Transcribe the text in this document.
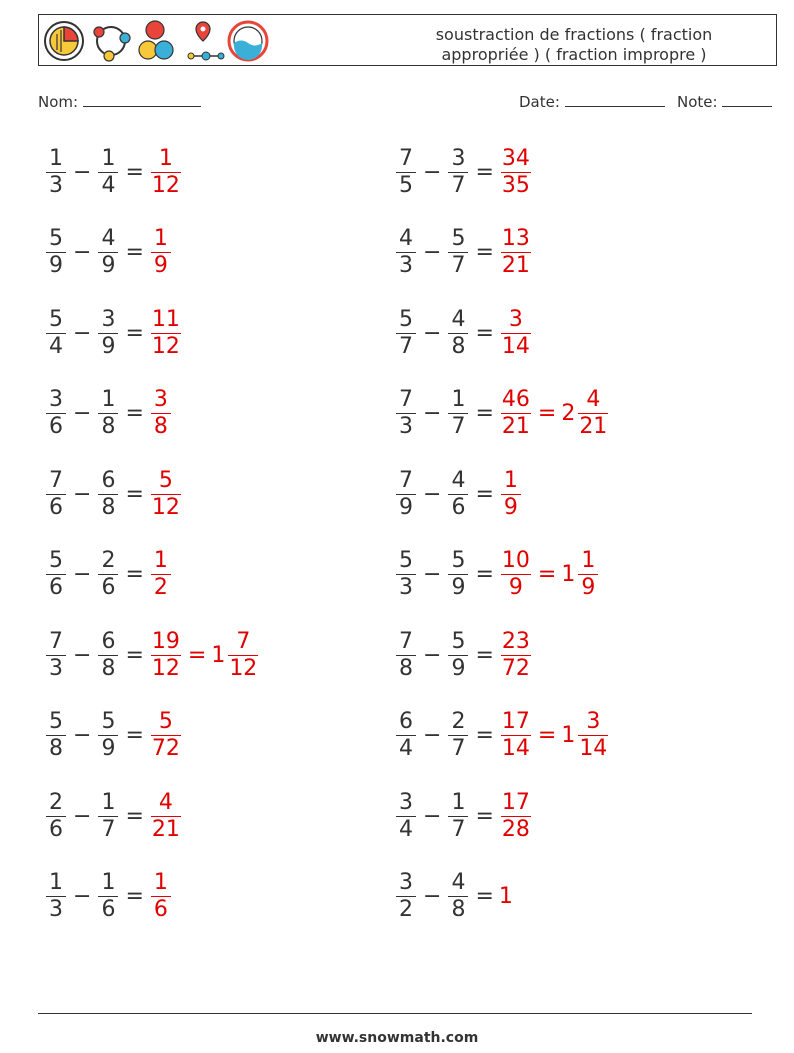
soustraction de fractions ( fraction
appropriée ) ( fraction impropre )
Nom:	Date:	Note:
$\frac{1}{3} - \frac{1}{4} = \frac{1}{12}$
$\frac{5}{9} - \frac{4}{9} = \frac{1}{9}$
$\frac{5}{4} - \frac{3}{9} = \frac{11}{12}$
$\frac{3}{6} - \frac{1}{8} = \frac{3}{8}$
$\frac{7}{6} - \frac{6}{8} = \frac{5}{12}$
$\frac{5}{6} - \frac{2}{6} = \frac{1}{2}$
$\frac{7}{3} - \frac{6}{8} = \frac{19}{12} = 1 \frac{7}{12}$
$\frac{5}{8} - \frac{5}{9} = \frac{5}{72}$
$\frac{2}{6} - \frac{1}{7} = \frac{4}{21}$
$\frac{1}{3} - \frac{1}{6} = \frac{1}{6}$
$\frac{7}{5} - \frac{3}{7} = \frac{34}{35}$
$\frac{4}{3} - \frac{5}{7} = \frac{13}{21}$
$\frac{5}{7} - \frac{4}{8} = \frac{3}{14}$
$\frac{7}{3} - \frac{1}{7} = \frac{46}{21} = 2 \frac{4}{21}$
$\frac{7}{9} - \frac{4}{6} = \frac{1}{9}$
$\frac{5}{3} - \frac{5}{9} = \frac{10}{9} = 1 \frac{1}{9}$
$\frac{7}{8} - \frac{5}{9} = \frac{23}{72}$
$\frac{6}{4} - \frac{2}{7} = \frac{17}{14} = 1 \frac{3}{14}$
$\frac{3}{4} - \frac{1}{7} = \frac{17}{28}$
$\frac{3}{2} - \frac{4}{8} = 1$
www.snowmath.com
